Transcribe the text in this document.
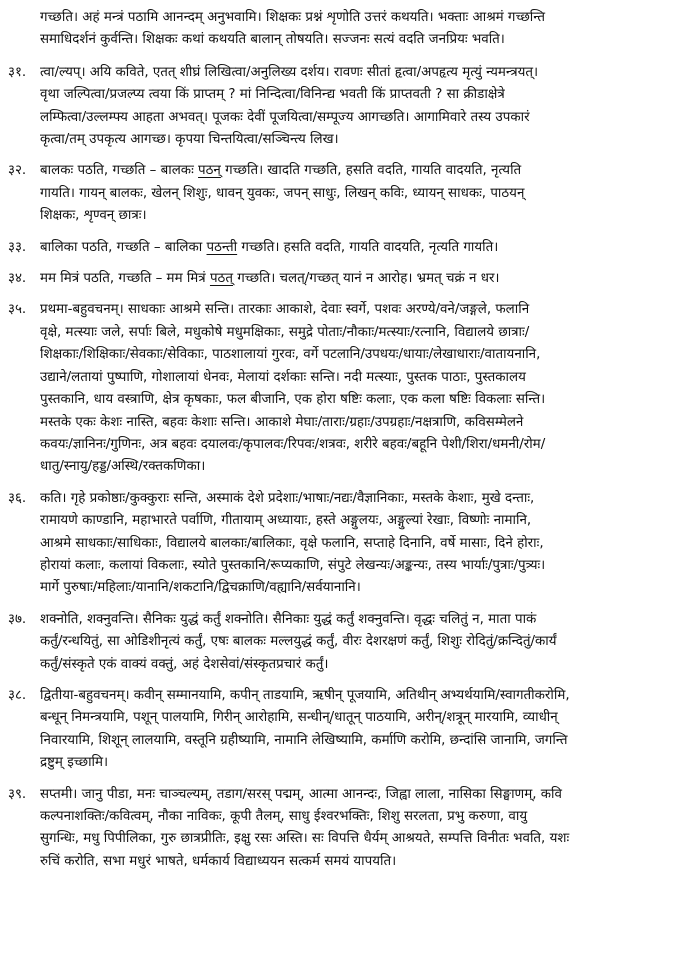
गच्छति। अहं मन्त्रं पठामि आनन्दम् अनुभवामि। शिक्षकः प्रश्नं शृणोति उत्तरं कथयति। भक्ताः आश्रमं गच्छन्ति
समाधिदर्शनं कुर्वन्ति। शिक्षकः कथां कथयति बालान् तोषयति। सज्जनः सत्यं वदति जनप्रियः भवति।
३१.	त्वा/ल्यप्। अयि कविते, एतत् शीघ्रं लिखित्वा/अनुलिख्य दर्शय। रावणः सीतां हृत्वा/अपहृत्य मृत्युं न्यमन्त्रयत्।
वृथा जल्पित्वा/प्रजल्प्य त्वया किं प्राप्तम् ? मां निन्दित्वा/विनिन्द्य भवती किं प्राप्तवती ? सा क्रीडाक्षेत्रे
लम्फित्वा/उल्लम्फ्य आहता अभवत्। पूजकः देवीं पूजयित्वा/सम्पूज्य आगच्छति। आगामिवारे तस्य उपकारं
कृत्वा/तम् उपकृत्य आगच्छ। कृपया चिन्तयित्वा/सञ्चिन्त्य लिख।
३२.	बालकः पठति, गच्छति – बालकः पठन् गच्छति। खादति गच्छति, हसति वदति, गायति वादयति, नृत्यति
गायति। गायन् बालकः, खेलन् शिशुः, धावन् युवकः, जपन् साधुः, लिखन् कविः, ध्यायन् साधकः, पाठयन्
शिक्षकः, शृण्वन् छात्रः।
३३.	बालिका पठति, गच्छति – बालिका पठन्ती गच्छति। हसति वदति, गायति वादयति, नृत्यति गायति।
३४.	मम मित्रं पठति, गच्छति – मम मित्रं पठत् गच्छति। चलत्/गच्छत् यानं न आरोह। भ्रमत् चक्रं न धर।
३५.	प्रथमा-बहुवचनम्। साधकाः आश्रमे सन्ति। तारकाः आकाशे, देवाः स्वर्गे, पशवः अरण्ये/वने/जङ्गले, फलानि
वृक्षे, मत्स्याः जले, सर्पाः बिले, मधुकोषे मधुमक्षिकाः, समुद्रे पोताः/नौकाः/मत्स्याः/रत्नानि, विद्यालये छात्राः/
शिक्षकाः/शिक्षिकाः/सेवकाः/सेविकाः, पाठशालायां गुरवः, वर्गे पटलानि/उपधयः/धायाः/लेखाधाराः/वातायनानि,
उद्याने/लतायां पुष्पाणि, गोशालायां धेनवः, मेलायां दर्शकाः सन्ति। नदी मत्स्याः, पुस्तक पाठाः, पुस्तकालय
पुस्तकानि, धाय वस्त्राणि, क्षेत्र कृषकाः, फल बीजानि, एक होरा षष्टिः कलाः, एक कला षष्टिः विकलाः सन्ति।
मस्तके एकः केशः नास्ति, बहवः केशाः सन्ति। आकाशे मेघाः/ताराः/ग्रहाः/उपग्रहाः/नक्षत्राणि, कविसम्मेलने
कवयः/ज्ञानिनः/गुणिनः, अत्र बहवः दयालवः/कृपालवः/रिपवः/शत्रवः, शरीरे बहवः/बहूनि पेशी/शिरा/धमनी/रोम/
धातु/स्नायु/हड्ड/अस्थि/रक्तकणिका।
३६.	कति। गृहे प्रकोष्ठाः/कुक्कुराः सन्ति, अस्माकं देशे प्रदेशाः/भाषाः/नद्यः/वैज्ञानिकाः, मस्तके केशाः, मुखे दन्ताः,
रामायणे काण्डानि, महाभारते पर्वाणि, गीतायाम् अध्यायाः, हस्ते अङ्गुलयः, अङ्गुल्यां रेखाः, विष्णोः नामानि,
आश्रमे साधकाः/साधिकाः, विद्यालये बालकाः/बालिकाः, वृक्षे फलानि, सप्ताहे दिनानि, वर्षे मासाः, दिने होराः,
होरायां कलाः, कलायां विकलाः, स्योते पुस्तकानि/रूप्यकाणि, संपुटे लेखन्यः/अङ्कन्यः, तस्य भार्याः/पुत्राः/पुत्र्यः।
मार्गे पुरुषाः/महिलाः/यानानि/शकटानि/द्विचक्राणि/वह्यानि/सर्वयानानि।
३७.	शक्नोति, शक्नुवन्ति। सैनिकः युद्धं कर्तुं शक्नोति। सैनिकाः युद्धं कर्तुं शक्नुवन्ति। वृद्धः चलितुं न, माता पाकं
कर्तुं/रन्धयितुं, सा ओडिशीनृत्यं कर्तुं, एषः बालकः मल्लयुद्धं कर्तुं, वीरः देशरक्षणं कर्तुं, शिशुः रोदितुं/क्रन्दितुं/कार्यं
कर्तुं/संस्कृते एकं वाक्यं वक्तुं, अहं देशसेवां/संस्कृतप्रचारं कर्तुं।
३८.	द्वितीया-बहुवचनम्। कवीन् सम्मानयामि, कपीन् ताडयामि, ऋषीन् पूजयामि, अतिथीन् अभ्यर्थयामि/स्वागतीकरोमि,
बन्धून् निमन्त्रयामि, पशून् पालयामि, गिरीन् आरोहामि, सन्धीन्/धातून् पाठयामि, अरीन्/शत्रून् मारयामि, व्याधीन्
निवारयामि, शिशून् लालयामि, वस्तूनि ग्रहीष्यामि, नामानि लेखिष्यामि, कर्माणि करोमि, छन्दांसि जानामि, जगन्ति
द्रष्टुम् इच्छामि।
३९.	सप्तमी। जानु पीडा, मनः चाञ्चल्यम्, तडाग/सरस् पद्मम्, आत्मा आनन्दः, जिह्वा लाला, नासिका सिङ्घाणम्, कवि
कल्पनाशक्तिः/कवित्वम्, नौका नाविकः, कूपी तैलम्, साधु ईश्वरभक्तिः, शिशु सरलता, प्रभु करुणा, वायु
सुगन्धिः, मधु पिपीलिका, गुरु छात्रप्रीतिः, इक्षु रसः अस्ति। सः विपत्ति धैर्यम् आश्रयते, सम्पत्ति विनीतः भवति, यशः
रुचिं करोति, सभा मधुरं भाषते, धर्मकार्य विद्याध्ययन सत्कर्म समयं यापयति।
